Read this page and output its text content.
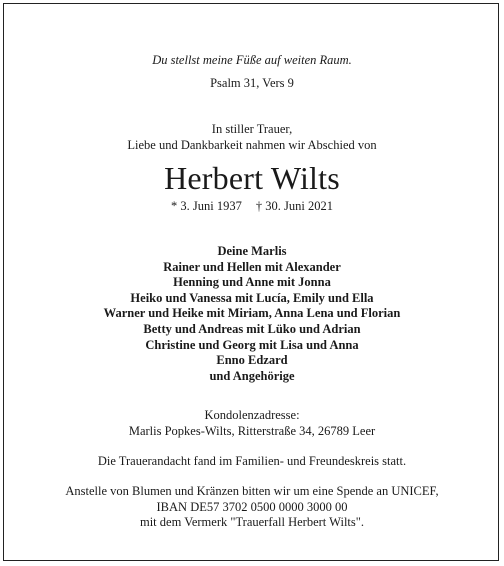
Du stellst meine Füße auf weiten Raum.
Psalm 31, Vers 9
In stiller Trauer,
Liebe und Dankbarkeit nahmen wir Abschied von
Herbert Wilts
* 3. Juni 1937 † 30. Juni 2021
Deine Marlis
Rainer und Hellen mit Alexander
Henning und Anne mit Jonna
Heiko und Vanessa mit Lucía, Emily und Ella
Warner und Heike mit Miriam, Anna Lena und Florian
Betty und Andreas mit Lüko und Adrian
Christine und Georg mit Lisa und Anna
Enno Edzard
und Angehörige
Kondolenzadresse:
Marlis Popkes-Wilts, Ritterstraße 34, 26789 Leer
Die Trauerandacht fand im Familien- und Freundeskreis statt.
Anstelle von Blumen und Kränzen bitten wir um eine Spende an UNICEF,
IBAN DE57 3702 0500 0000 3000 00
mit dem Vermerk "Trauerfall Herbert Wilts".
